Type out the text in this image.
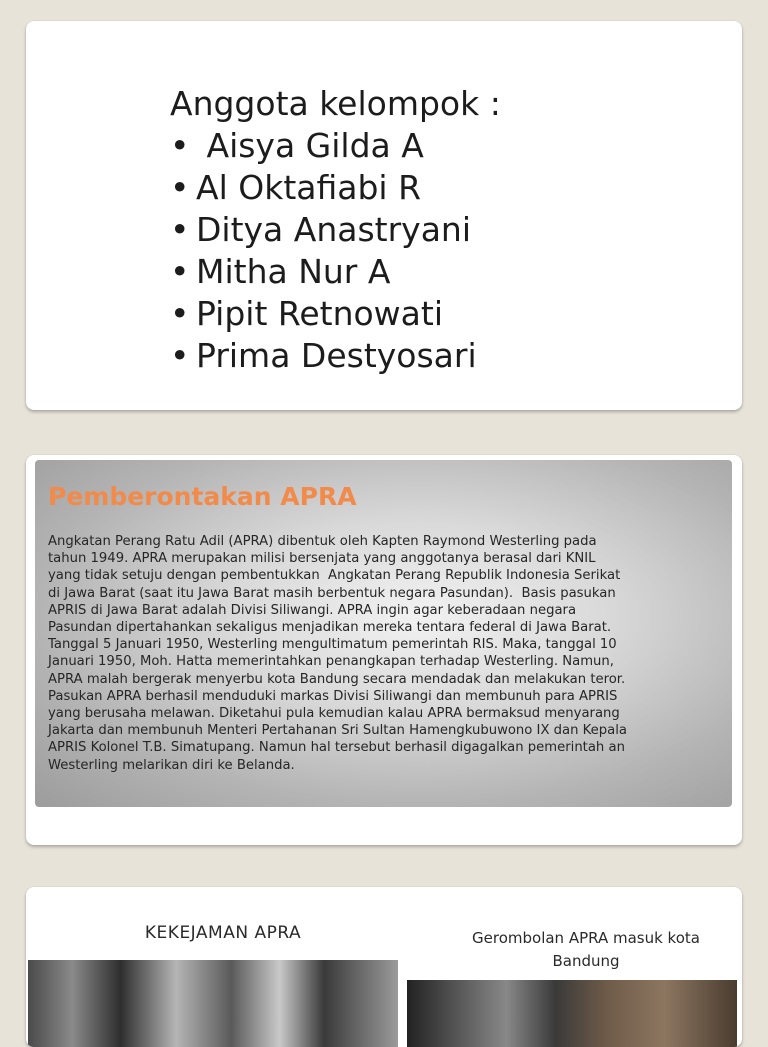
Anggota kelompok :
• Aisya Gilda A
• Al Oktafiabi R
• Ditya Anastryani
• Mitha Nur A
• Pipit Retnowati
• Prima Destyosari
Pemberontakan APRA
Angkatan Perang Ratu Adil (APRA) dibentuk oleh Kapten Raymond Westerling pada
tahun 1949. APRA merupakan milisi bersenjata yang anggotanya berasal dari KNIL
yang tidak setuju dengan pembentukkan  Angkatan Perang Republik Indonesia Serikat
di Jawa Barat (saat itu Jawa Barat masih berbentuk negara Pasundan).  Basis pasukan
APRIS di Jawa Barat adalah Divisi Siliwangi. APRA ingin agar keberadaan negara
Pasundan dipertahankan sekaligus menjadikan mereka tentara federal di Jawa Barat.
Tanggal 5 Januari 1950, Westerling mengultimatum pemerintah RIS. Maka, tanggal 10
Januari 1950, Moh. Hatta memerintahkan penangkapan terhadap Westerling. Namun,
APRA malah bergerak menyerbu kota Bandung secara mendadak dan melakukan teror.
Pasukan APRA berhasil menduduki markas Divisi Siliwangi dan membunuh para APRIS
yang berusaha melawan. Diketahui pula kemudian kalau APRA bermaksud menyarang
Jakarta dan membunuh Menteri Pertahanan Sri Sultan Hamengkubuwono IX dan Kepala
APRIS Kolonel T.B. Simatupang. Namun hal tersebut berhasil digagalkan pemerintah an
Westerling melarikan diri ke Belanda.
KEKEJAMAN APRA	Gerombolan APRA masuk kota
Bandung
